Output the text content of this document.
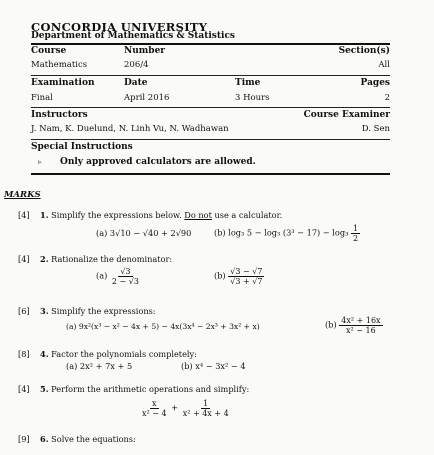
CONCORDIA UNIVERSITY
Department of Mathematics & Statistics
Course	Number	Section(s)
Mathematics	206/4	All
Examination	Date	Time	Pages
Final	April 2016	3 Hours	2
Instructors	Course Examiner
J. Nam, K. Duelund, N. Linh Vu, N. Wadhawan	D. Sen
Special Instructions
▹ Only approved calculators are allowed.
MARKS
[4] 1. Simplify the expressions below. Do not use a calculator.
(a) 3√10 − √40 + 2√90	(b) log₃ 5 − log₃ $(3^3 - 17) - \log_3 \frac{1}{2}$
[4] 2. Rationalize the denominator:
$(a) \frac{√3}{2 - √3}$	$(b) \frac{√3 - √7}{√3 + √7}$
[6] 3. Simplify the expressions:
(a) 9x²(x³ − x² − 4x + 5) − 4x(3x⁴ − 2x³ + 3x² + x)	$(b) \frac{\text{4x² + 16x}}{\text{x² − 16}}$
[8] 4. Factor the polynomials completely:
(a) 2x² + 7x + 5	(b) x⁴ − 3x² − 4
[4] 5. Perform the arithmetic operations and simplify:
$\frac{x}{\text{x² − 4}} + \frac{1}{\text{x² + 4x + 4}}$
[9] 6. Solve the equations:
